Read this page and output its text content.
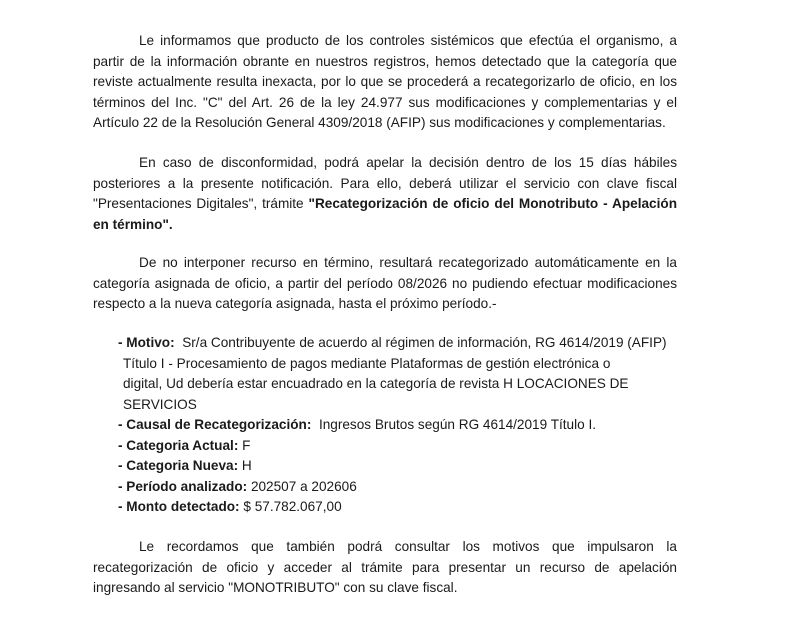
Le informamos que producto de los controles sistémicos que efectúa el organismo, a partir de la información obrante en nuestros registros, hemos detectado que la categoría que reviste actualmente resulta inexacta, por lo que se procederá a recategorizarlo de oficio, en los términos del Inc. "C" del Art. 26 de la ley 24.977 sus modificaciones y complementarias y el Artículo 22 de la Resolución General 4309/2018 (AFIP) sus modificaciones y complementarias.

En caso de disconformidad, podrá apelar la decisión dentro de los 15 días hábiles posteriores a la presente notificación. Para ello, deberá utilizar el servicio con clave fiscal "Presentaciones Digitales", trámite "Recategorización de oficio del Monotributo - Apelación en término".

De no interponer recurso en término, resultará recategorizado automáticamente en la categoría asignada de oficio, a partir del período 08/2026 no pudiendo efectuar modificaciones respecto a la nueva categoría asignada, hasta el próximo período.-

- Motivo: Sr/a Contribuyente de acuerdo al régimen de información, RG 4614/2019 (AFIP)

Título I - Procesamiento de pagos mediante Plataformas de gestión electrónica o

digital, Ud debería estar encuadrado en la categoría de revista H LOCACIONES DE

SERVICIOS

- Causal de Recategorización: Ingresos Brutos según RG 4614/2019 Título I.

- Categoria Actual: F

- Categoria Nueva: H

- Período analizado: 202507 a 202606

- Monto detectado: $ 57.782.067,00

Le recordamos que también podrá consultar los motivos que impulsaron la recategorización de oficio y acceder al trámite para presentar un recurso de apelación ingresando al servicio "MONOTRIBUTO" con su clave fiscal.
